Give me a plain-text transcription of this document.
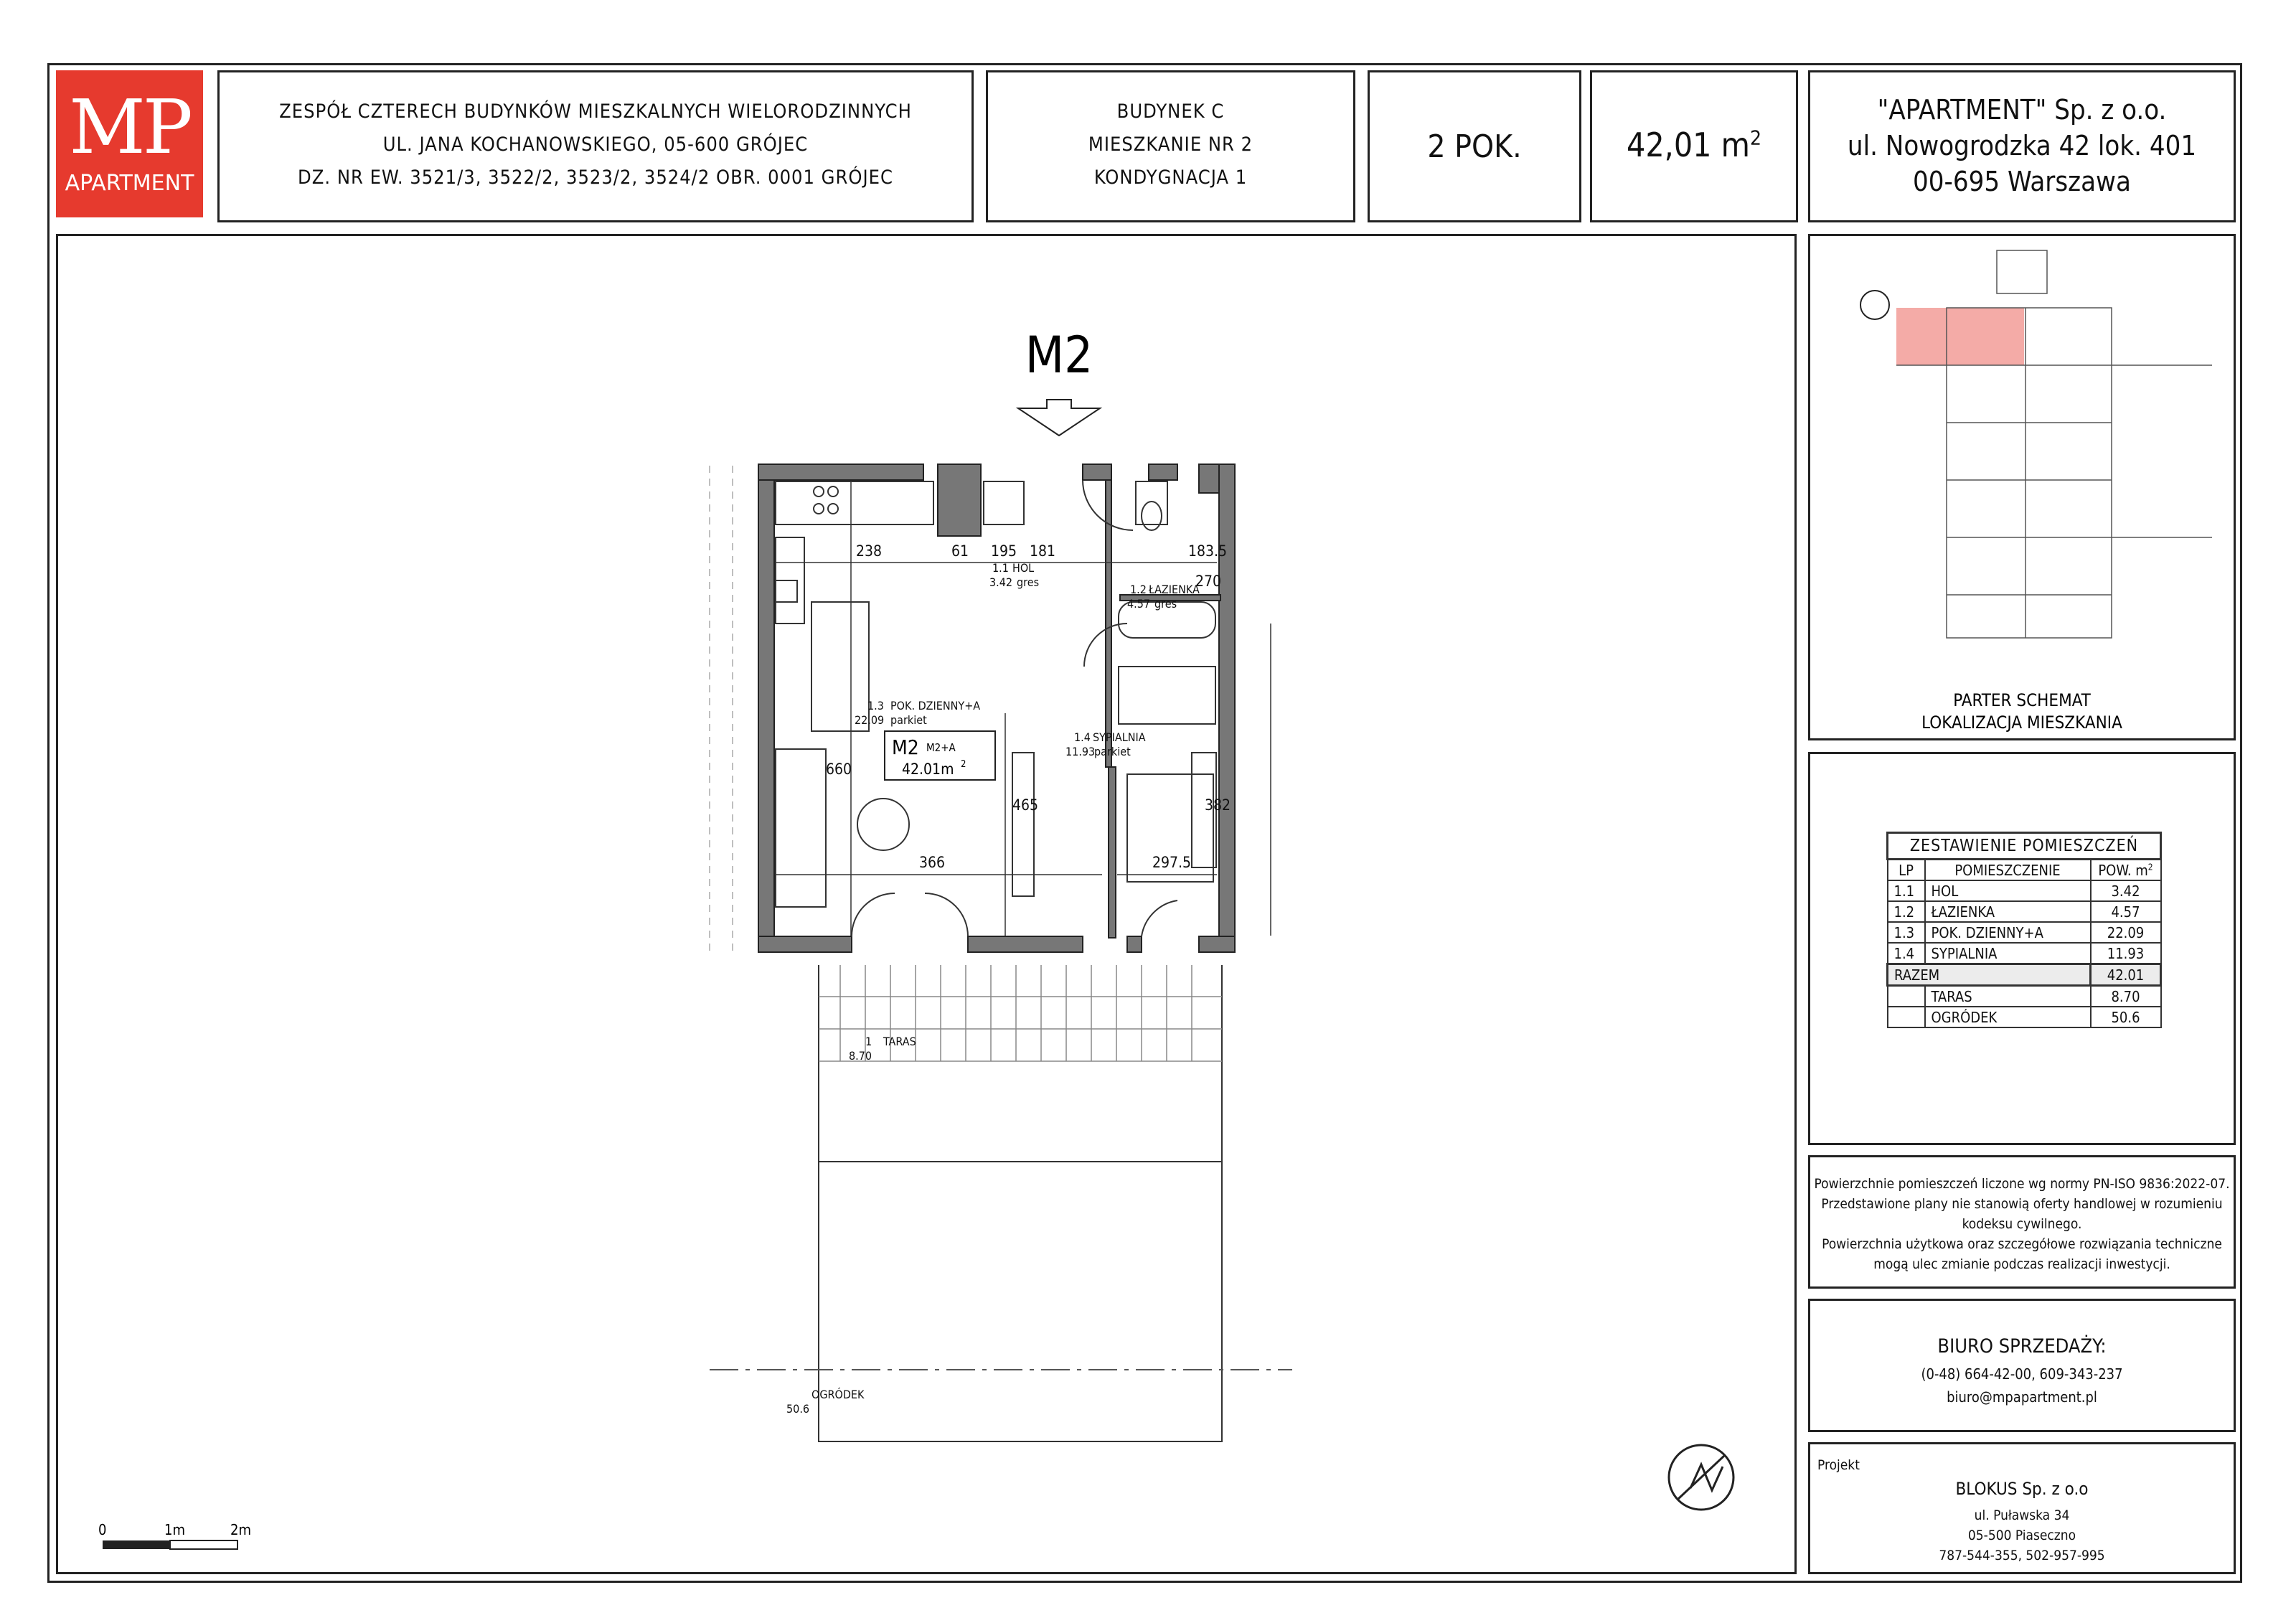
MP
APARTMENT
ZESPÓŁ CZTERECH BUDYNKÓW MIESZKALNYCH WIELORODZINNYCH
UL. JANA KOCHANOWSKIEGO, 05-600 GRÓJEC
DZ. NR EW. 3521/3, 3522/2, 3523/2, 3524/2 OBR. 0001 GRÓJEC
BUDYNEK C
MIESZKANIE NR 2
KONDYGNACJA 1
2 POK.	42,01 $m^2$
"APARTMENT" Sp. z o.o.
ul. Nowogrodzka 42 lok. 401
00-695 Warszawa
M2
238	61 195 181	183.5
270
660
465	382
366	297.5
1.1 HOL
3.42 gres
1.2 ŁAZIENKA
4.57 gres
1.3 POK. DZIENNY+A
22.09 parkiet
1.4 SYPIALNIA
11.93
parkiet
1 TARAS
8.70
OGRÓDEK
50.6
M2 M2+A
42.01m 2
0	1m	2m
PARTER SCHEMAT
LOKALIZACJA MIESZKANIA
ZESTAWIENIE POMIESZCZEŃ		
LP	POMIESZCZENIE	POW. $m^2$
1.1	HOL	3.42
1.2	ŁAZIENKA	4.57
1.3	POK. DZIENNY+A	22.09
1.4	SYPIALNIA	11.93
RAZEM		42.01
	TARAS	8.70
	OGRÓDEK	50.6
Powierzchnie pomieszczeń liczone wg normy PN-ISO 9836:2022-07.
Przedstawione plany nie stanowią oferty handlowej w rozumieniu
kodeksu cywilnego.
Powierzchnia użytkowa oraz szczegółowe rozwiązania techniczne
mogą ulec zmianie podczas realizacji inwestycji.
BIURO SPRZEDAŻY:
(0-48) 664-42-00, 609-343-237
biuro@mpapartment.pl
Projekt
BLOKUS Sp. z o.o
ul. Puławska 34
05-500 Piaseczno
787-544-355, 502-957-995
